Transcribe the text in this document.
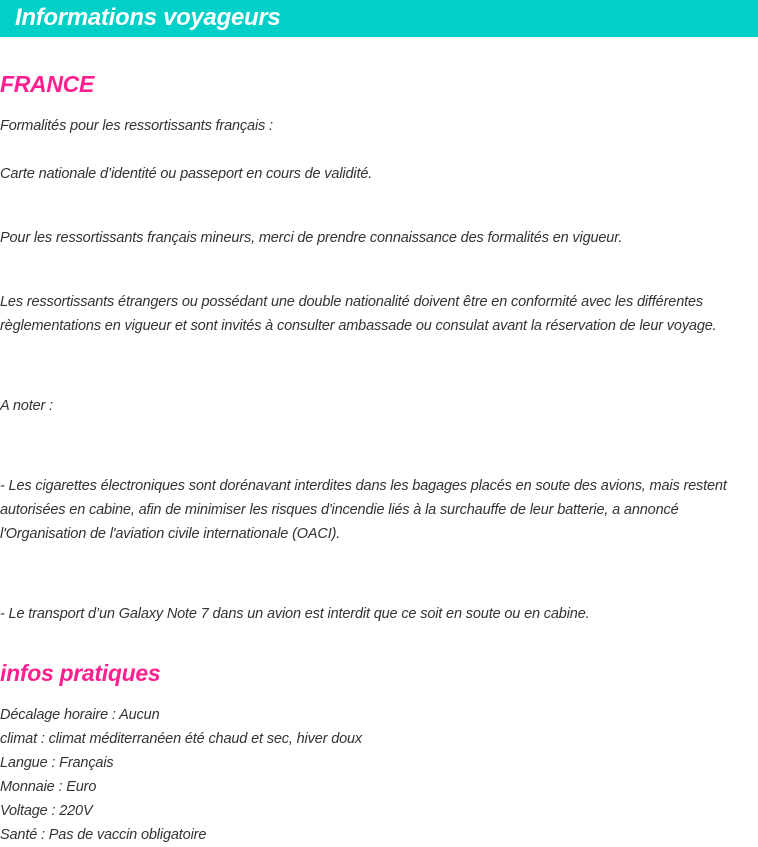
Informations voyageurs
FRANCE
Formalités pour les ressortissants français :
Carte nationale d’identité ou passeport en cours de validité.
Pour les ressortissants français mineurs, merci de prendre connaissance des formalités en vigueur.
Les ressortissants étrangers ou possédant une double nationalité doivent être en conformité avec les différentes
règlementations en vigueur et sont invités à consulter ambassade ou consulat avant la réservation de leur voyage.
A noter :
- Les cigarettes électroniques sont dorénavant interdites dans les bagages placés en soute des avions, mais restent
autorisées en cabine, afin de minimiser les risques d'incendie liés à la surchauffe de leur batterie, a annoncé
l'Organisation de l'aviation civile internationale (OACI).
- Le transport d’un Galaxy Note 7 dans un avion est interdit que ce soit en soute ou en cabine.
infos pratiques
Décalage horaire : Aucun
climat : climat méditerranéen été chaud et sec, hiver doux
Langue : Français
Monnaie : Euro
Voltage : 220V
Santé : Pas de vaccin obligatoire
